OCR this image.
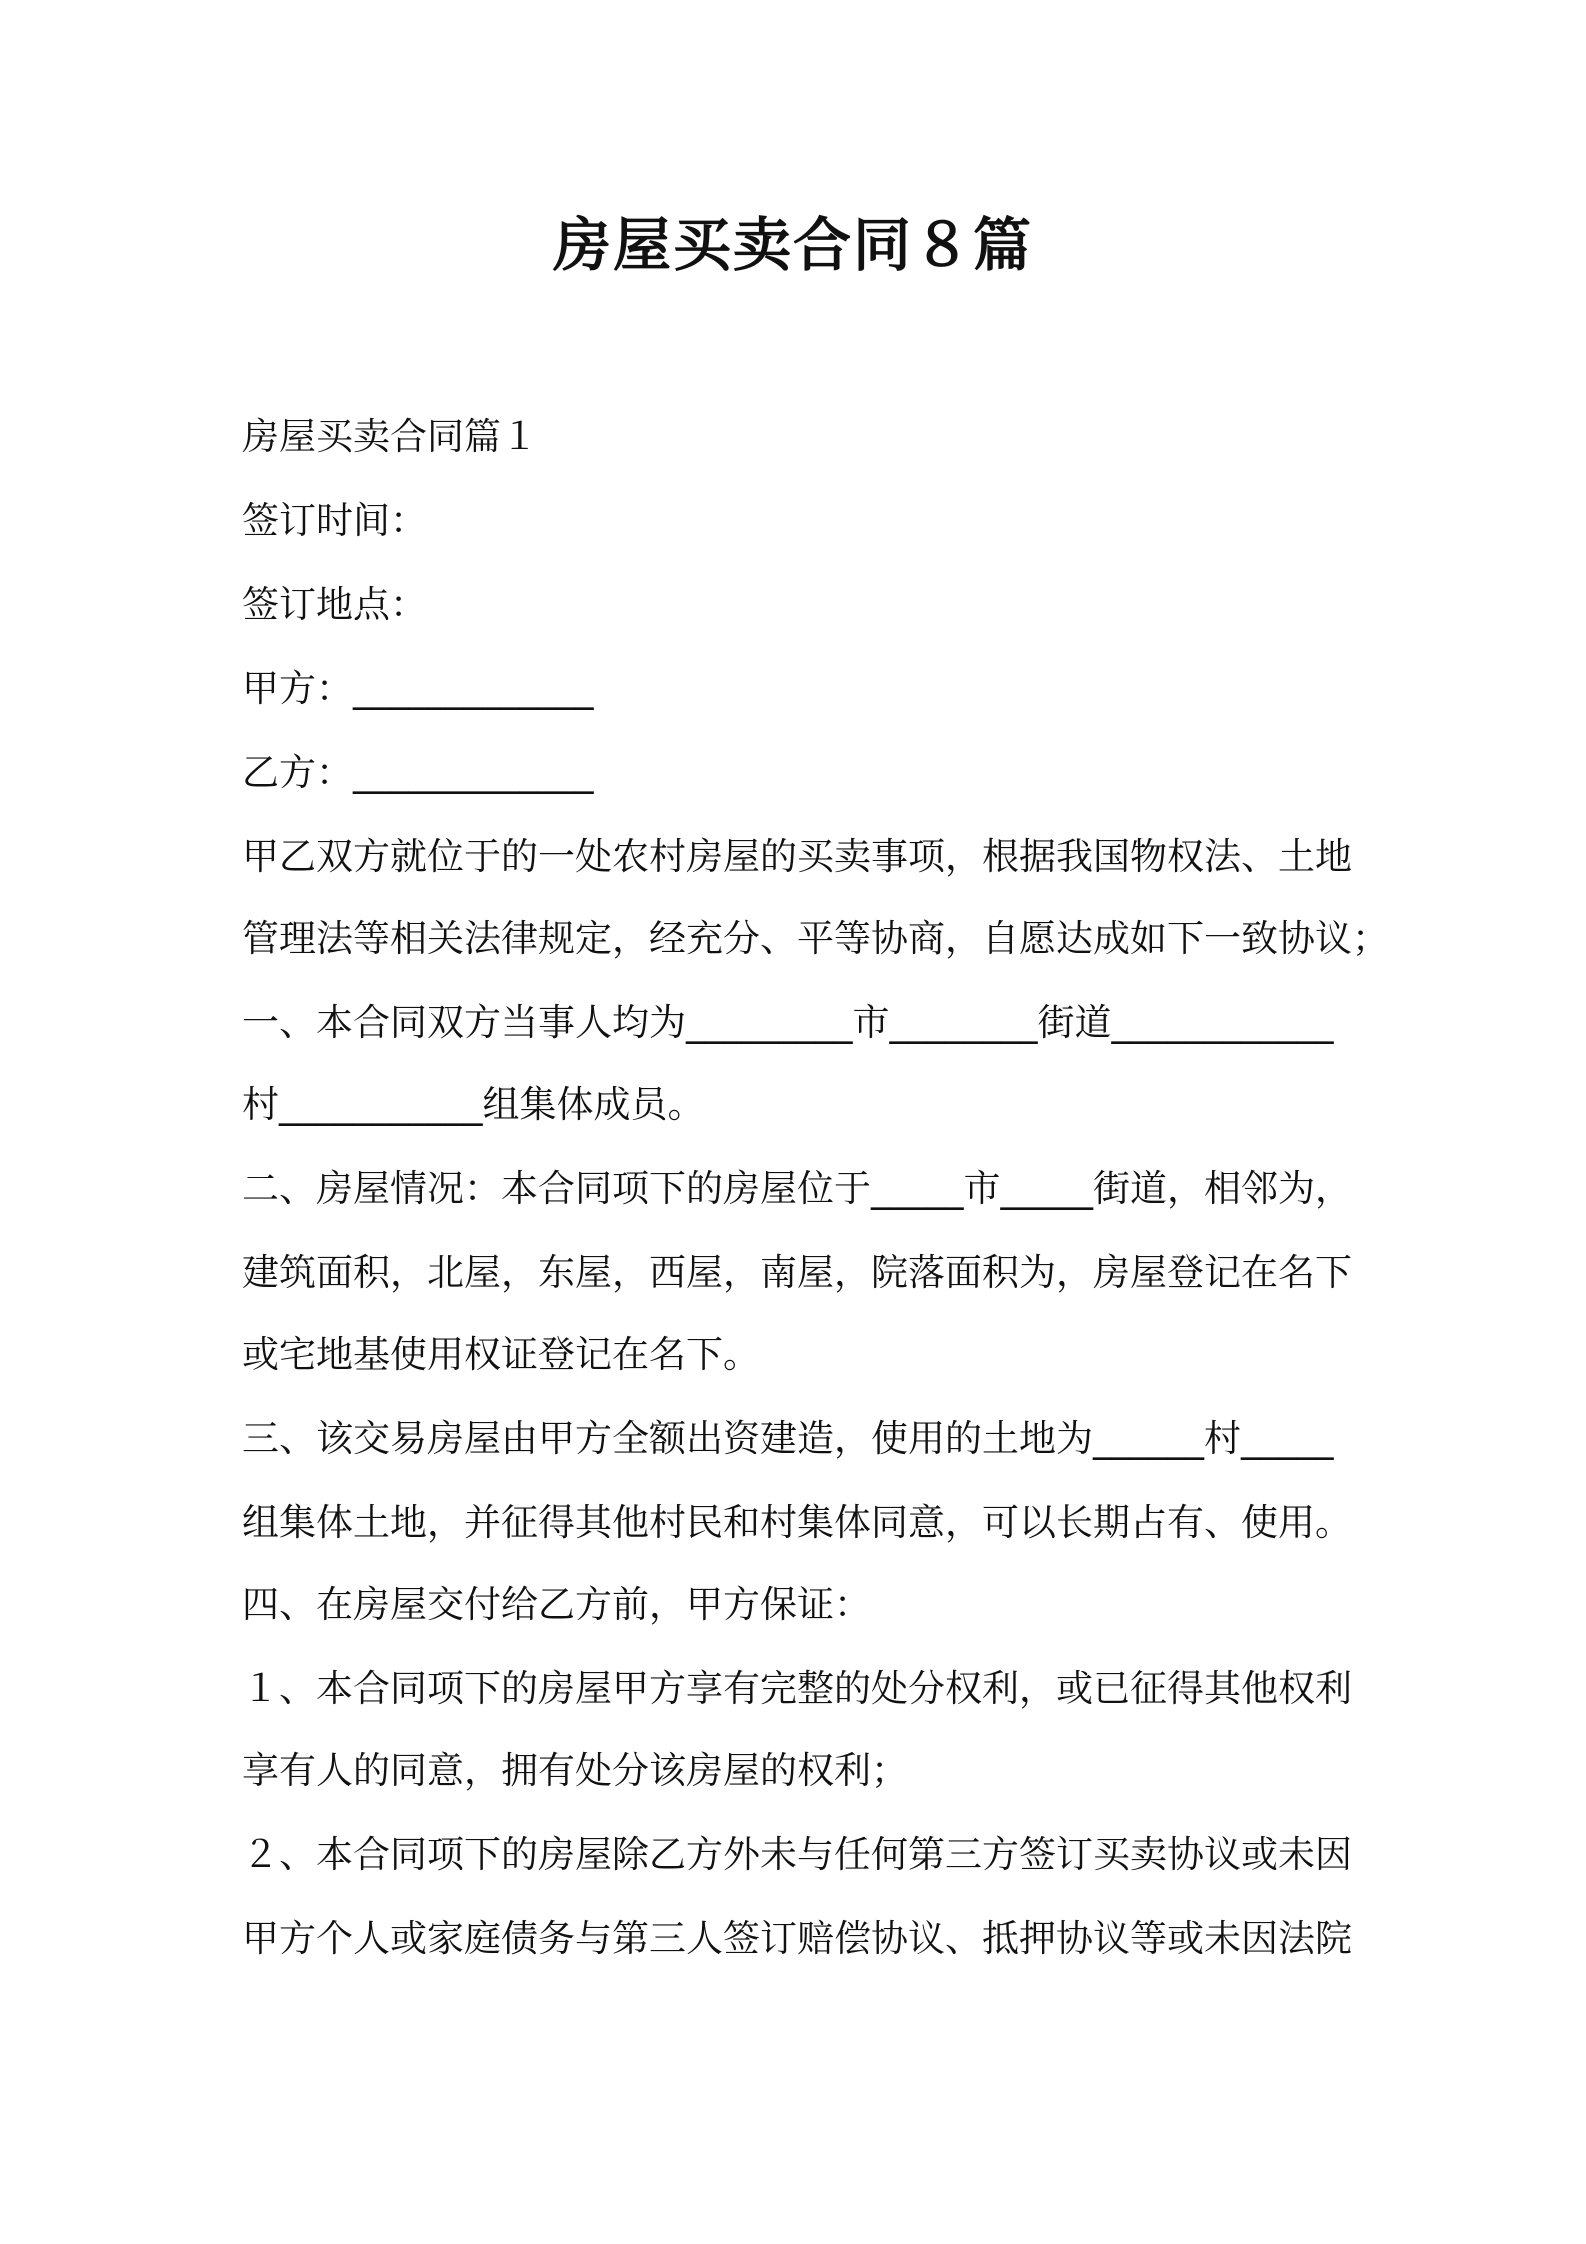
房屋买卖合同８篇
房屋买卖合同篇１
签订时间：
签订地点：
甲方：_____________
乙方：_____________
甲乙双方就位于的一处农村房屋的买卖事项，根据我国物权法、土地
管理法等相关法律规定，经充分、平等协商，自愿达成如下一致协议；
一、本合同双方当事人均为_________市________街道____________
村___________组集体成员。
二、房屋情况：本合同项下的房屋位于_____市_____街道，相邻为，
建筑面积，北屋，东屋，西屋，南屋，院落面积为，房屋登记在名下
或宅地基使用权证登记在名下。
三、该交易房屋由甲方全额出资建造，使用的土地为______村_____
组集体土地，并征得其他村民和村集体同意，可以长期占有、使用。
四、在房屋交付给乙方前，甲方保证：
１、本合同项下的房屋甲方享有完整的处分权利，或已征得其他权利
享有人的同意，拥有处分该房屋的权利；
２、本合同项下的房屋除乙方外未与任何第三方签订买卖协议或未因
甲方个人或家庭债务与第三人签订赔偿协议、抵押协议等或未因法院
